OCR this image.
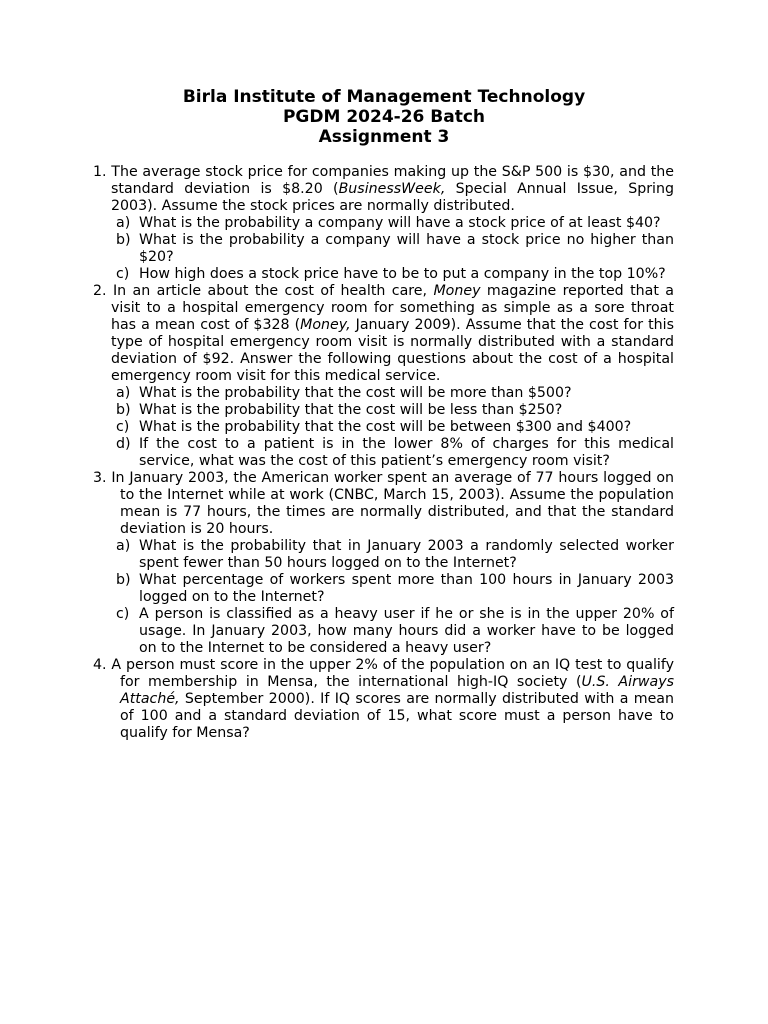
Birla Institute of Management Technology
PGDM 2024-26 Batch
Assignment 3
1. The average stock price for companies making up the S&P 500 is $30, and the standard deviation is $8.20 (BusinessWeek, Special Annual Issue, Spring 2003). Assume the stock prices are normally distributed.
a) What is the probability a company will have a stock price of at least $40?
b) What is the probability a company will have a stock price no higher than $20?
c) How high does a stock price have to be to put a company in the top 10%?
2. In an article about the cost of health care, Money magazine reported that a visit to a hospital emergency room for something as simple as a sore throat has a mean cost of $328 (Money, January 2009). Assume that the cost for this type of hospital emergency room visit is normally distributed with a standard deviation of $92. Answer the following questions about the cost of a hospital emergency room visit for this medical service.
a) What is the probability that the cost will be more than $500?
b) What is the probability that the cost will be less than $250?
c) What is the probability that the cost will be between $300 and $400?
d) If the cost to a patient is in the lower 8% of charges for this medical service, what was the cost of this patient’s emergency room visit?
3. In January 2003, the American worker spent an average of 77 hours logged on to the Internet while at work (CNBC, March 15, 2003). Assume the population mean is 77 hours, the times are normally distributed, and that the standard deviation is 20 hours.
a) What is the probability that in January 2003 a randomly selected worker spent fewer than 50 hours logged on to the Internet?
b) What percentage of workers spent more than 100 hours in January 2003 logged on to the Internet?
c) A person is classified as a heavy user if he or she is in the upper 20% of usage. In January 2003, how many hours did a worker have to be logged on to the Internet to be considered a heavy user?
4. A person must score in the upper 2% of the population on an IQ test to qualify for membership in Mensa, the international high-IQ society (U.S. Airways Attaché, September 2000). If IQ scores are normally distributed with a mean of 100 and a standard deviation of 15, what score must a person have to qualify for Mensa?
